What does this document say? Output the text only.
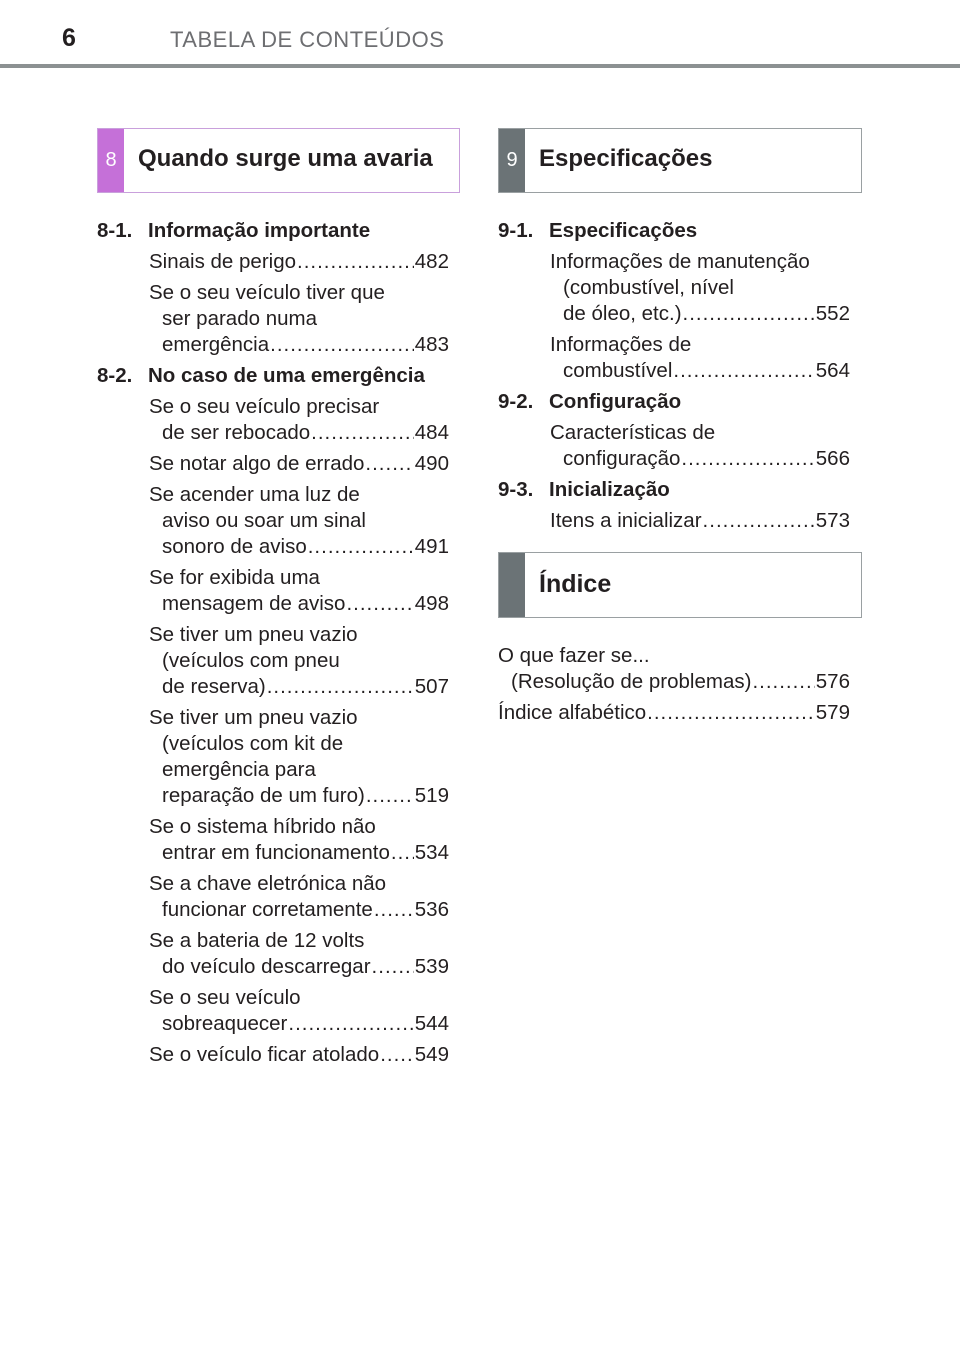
6	TABELA DE CONTEÚDOS
8 Quando surge uma avaria	9 Especificações
Índice
8-1. Informação importante
Sinais de perigo .....	482
Se o seu veículo tiver que
ser parado numa
emergência .....	483
8-2. No caso de uma emergência
Se o seu veículo precisar
de ser rebocado .....	484
Se notar algo de errado ..... 490
Se acender uma luz de
aviso ou soar um sinal
sonoro de aviso .....	491
Se for exibida uma
mensagem de aviso .....	498
Se tiver um pneu vazio
(veículos com pneu
de reserva) .....	507
Se tiver um pneu vazio
(veículos com kit de
emergência para
reparação de um furo) ..... 519
Se o sistema híbrido não
entrar em funcionamento ..... 534
Se a chave eletrónica não
funcionar corretamente ..... 536
Se a bateria de 12 volts
do veículo descarregar ..... 539
Se o seu veículo
sobreaquecer .....	544
Se o veículo ficar atolado ..... 549
9-1. Especificações
Informações de manutenção
(combustível, nível
de óleo, etc.) .....	552
Informações de
combustível .....	564
9-2. Configuração
Características de
configuração .....	566
9-3. Inicialização
Itens a inicializar .....	573
O que fazer se...
(Resolução de problemas) .....	576
Índice alfabético .....	579
